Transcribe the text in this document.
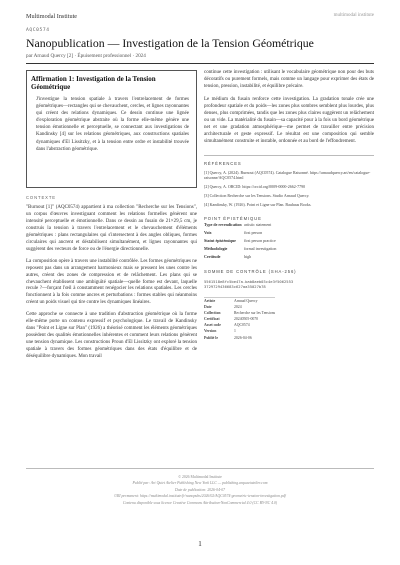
Multimodal Institute	multimodal institute
AQC0574
Nanopublication — Investigation de la Tension Géométrique
par Arnaud Quercy [2] · Épuisement professionnel · 2024
Affirmation 1: Investigation de la Tension Géométrique
J'investigue la tension spatiale à travers l'entrelacement de formes géométriques—rectangles qui se chevauchent, cercles, et lignes rayonnantes qui créent des relations dynamiques. Ce dessin continue une lignée d'exploration géométrique abstraite où la forme elle-même génère une tension émotionnelle et perceptuelle, se connectant aux investigations de Kandinsky [4] sur les relations géométriques, aux constructions spatiales dynamiques d'El Lissitzky, et à la tension entre ordre et instabilité trouvée dans l'abstraction géométrique.
CONTEXTE

"Burnout [1]" (AQC0574) appartient à ma collection "Recherche sur les Tensions", un corpus d'œuvres investiguant comment les relations formelles génèrent une intensité perceptuelle et émotionnelle. Dans ce dessin au fusain de 21×29,5 cm, je construis la tension à travers l'entrelacement et le chevauchement d'éléments géométriques : plans rectangulaires qui s'intersectent à des angles obliques, formes circulaires qui ancrent et déstabilisent simultanément, et lignes rayonnantes qui suggèrent des vecteurs de force ou de l'énergie directionnelle.

La composition opère à travers une instabilité contrôlée. Les formes géométriques ne reposent pas dans un arrangement harmonieux mais se pressent les unes contre les autres, créent des zones de compression et de relâchement. Les plans qui se chevauchent établissent une ambiguïté spatiale—quelle forme est devant, laquelle recule ?—forçant l'œil à constamment renégocier les relations spatiales. Les cercles fonctionnent à la fois comme ancres et perturbations : formes stables qui néanmoins créent un poids visuel qui tire contre les dynamiques linéaires.

Cette approche se connecte à une tradition d'abstraction géométrique où la forme elle-même porte un contenu expressif et psychologique. Le travail de Kandinsky dans "Point et Ligne sur Plan" (1926) a théorisé comment les éléments géométriques possèdent des qualités émotionnelles inhérentes et comment leurs relations génèrent une tension dynamique. Les constructions Proun d'El Lissitzky ont exploré la tension spatiale à travers des formes géométriques dans des états d'équilibre et de déséquilibre dynamiques. Mon travail

continue cette investigation : utilisant le vocabulaire géométrique non pour des buts décoratifs ou purement formels, mais comme un langage pour exprimer des états de tension, pression, instabilité, et équilibre précaire.

Le médium du fusain renforce cette investigation. La gradation tonale crée une profondeur spatiale et du poids—les zones plus sombres semblent plus lourdes, plus denses, plus comprimées, tandis que les zones plus claires suggèrent un relâchement ou un vide. La matérialité du fusain—sa capacité pour à la fois un bord géométrique net et une gradation atmosphérique—me permet de travailler entre précision architecturale et geste expressif. Le résultat est une composition qui semble simultanément construite et instable, ordonnée et au bord de l'effondrement.

RÉFÉRENCES
[1] Quercy, A. (2024). Burnout (AQC0574). Catalogue Raisonné. https://arnaudquercy.art/en/catalogue-raisonne/AQC0574.html
[2] Quercy, A. ORCID: https://orcid.org/0009-0000-2662-7790
[3] Collection Recherche sur les Tensions. Studio Arnaud Quercy.
[4] Kandinsky, W. (1926). Point et Ligne sur Plan. Bauhaus Books.
POINT ÉPISTÉMIQUE
Type de revendication	artistic statement
Voix	first person
Statut épistémique	first person practice
Méthodologie	formal investigation
Certitude	high
SOMME DE CONTRÔLE (SHA-256)
5561518e8fc5be47a-bab8aeb03c4e3f50625533729729436683c627aa35027b78
Artiste	Arnaud Quercy
Date	2024
Collection	Recherche sur les Tensions
Certificat	20240505-0070
Asset code	AQC0574
Version	1
Publié le	2026-04-06
© 2026 Multimodal Institute
Publié par: Art Quiet Atelier Publishing New York LLC — publishing.arquaetatelier.com
Date de publication: 2026-04-07
URI permanent: https://multimodal.institute/fr/nanopubs/2026/02/AQC0574-geometric-tension-investigation.pdf
Contenu disponible sous licence Creative Commons Attribution-NonCommercial 4.0 (CC BY-NC 4.0)
1
